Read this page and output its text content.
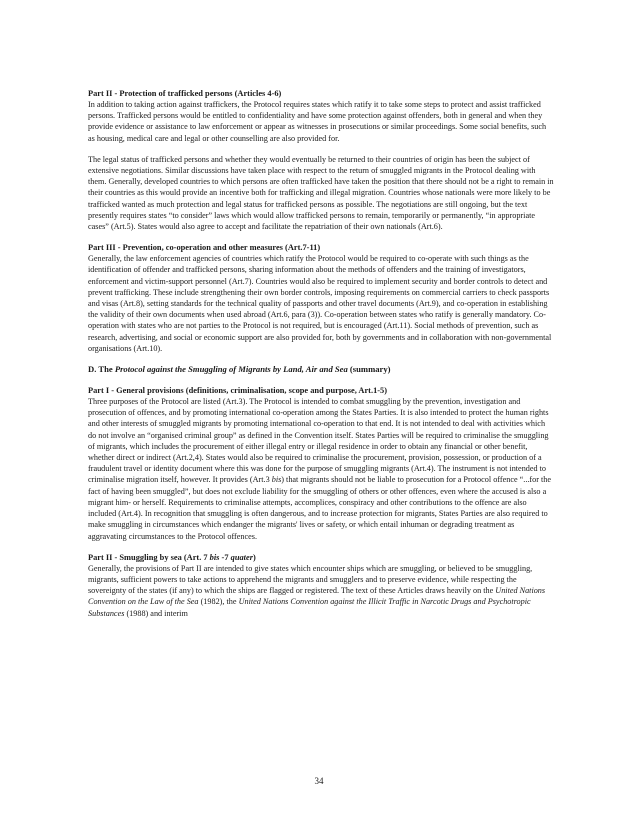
Part II - Protection of trafficked persons (Articles 4-6)
In addition to taking action against traffickers, the Protocol requires states which ratify it to take some steps to protect and assist trafficked persons. Trafficked persons would be entitled to confidentiality and have some protection against offenders, both in general and when they provide evidence or assistance to law enforcement or appear as witnesses in prosecutions or similar proceedings. Some social benefits, such as housing, medical care and legal or other counselling are also provided for.
The legal status of trafficked persons and whether they would eventually be returned to their countries of origin has been the subject of extensive negotiations. Similar discussions have taken place with respect to the return of smuggled migrants in the Protocol dealing with them. Generally, developed countries to which persons are often trafficked have taken the position that there should not be a right to remain in their countries as this would provide an incentive both for trafficking and illegal migration. Countries whose nationals were more likely to be trafficked wanted as much protection and legal status for trafficked persons as possible. The negotiations are still ongoing, but the text presently requires states “to consider” laws which would allow trafficked persons to remain, temporarily or permanently, “in appropriate cases” (Art.5). States would also agree to accept and facilitate the repatriation of their own nationals (Art.6).
Part III - Prevention, co-operation and other measures (Art.7-11)
Generally, the law enforcement agencies of countries which ratify the Protocol would be required to co-operate with such things as the identification of offender and trafficked persons, sharing information about the methods of offenders and the training of investigators, enforcement and victim-support personnel (Art.7). Countries would also be required to implement security and border controls to detect and prevent trafficking. These include strengthening their own border controls, imposing requirements on commercial carriers to check passports and visas (Art.8), setting standards for the technical quality of passports and other travel documents (Art.9), and co-operation in establishing the validity of their own documents when used abroad (Art.6, para (3)). Co-operation between states who ratify is generally mandatory. Co-operation with states who are not parties to the Protocol is not required, but is encouraged (Art.11). Social methods of prevention, such as research, advertising, and social or economic support are also provided for, both by governments and in collaboration with non-governmental organisations (Art.10).
D. The Protocol against the Smuggling of Migrants by Land, Air and Sea (summary)
Part I - General provisions (definitions, criminalisation, scope and purpose, Art.1-5)
Three purposes of the Protocol are listed (Art.3). The Protocol is intended to combat smuggling by the prevention, investigation and prosecution of offences, and by promoting international co-operation among the States Parties. It is also intended to protect the human rights and other interests of smuggled migrants by promoting international co-operation to that end. It is not intended to deal with activities which do not involve an “organised criminal group” as defined in the Convention itself. States Parties will be required to criminalise the smuggling of migrants, which includes the procurement of either illegal entry or illegal residence in order to obtain any financial or other benefit, whether direct or indirect (Art.2,4). States would also be required to criminalise the procurement, provision, possession, or production of a fraudulent travel or identity document where this was done for the purpose of smuggling migrants (Art.4). The instrument is not intended to criminalise migration itself, however. It provides (Art.3 bis) that migrants should not be liable to prosecution for a Protocol offence “...for the fact of having been smuggled”, but does not exclude liability for the smuggling of others or other offences, even where the accused is also a migrant him- or herself. Requirements to criminalise attempts, accomplices, conspiracy and other contributions to the offence are also included (Art.4). In recognition that smuggling is often dangerous, and to increase protection for migrants, States Parties are also required to make smuggling in circumstances which endanger the migrants' lives or safety, or which entail inhuman or degrading treatment as aggravating circumstances to the Protocol offences.
Part II - Smuggling by sea (Art. 7 bis -7 quater)
Generally, the provisions of Part II are intended to give states which encounter ships which are smuggling, or believed to be smuggling, migrants, sufficient powers to take actions to apprehend the migrants and smugglers and to preserve evidence, while respecting the sovereignty of the states (if any) to which the ships are flagged or registered. The text of these Articles draws heavily on the United Nations Convention on the Law of the Sea (1982), the United Nations Convention against the Illicit Traffic in Narcotic Drugs and Psychotropic Substances (1988) and interim
34
